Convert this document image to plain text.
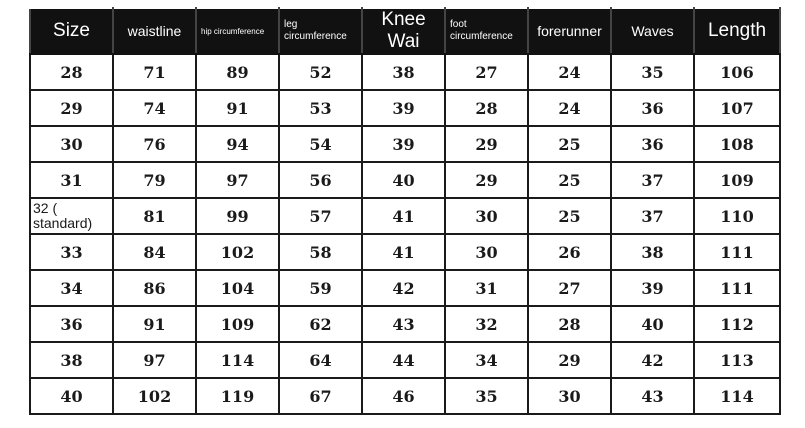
Size	waistline	hip circumference	leg circumference	Knee Wai	foot circumference	forerunner	Waves	Length
28	71	89	52	38	27	24	35	106
29	74	91	53	39	28	24	36	107
30	76	94	54	39	29	25	36	108
31	79	97	56	40	29	25	37	109
32 ( standard)	81	99	57	41	30	25	37	110
33	84	102	58	41	30	26	38	111
34	86	104	59	42	31	27	39	111
36	91	109	62	43	32	28	40	112
38	97	114	64	44	34	29	42	113
40	102	119	67	46	35	30	43	114
